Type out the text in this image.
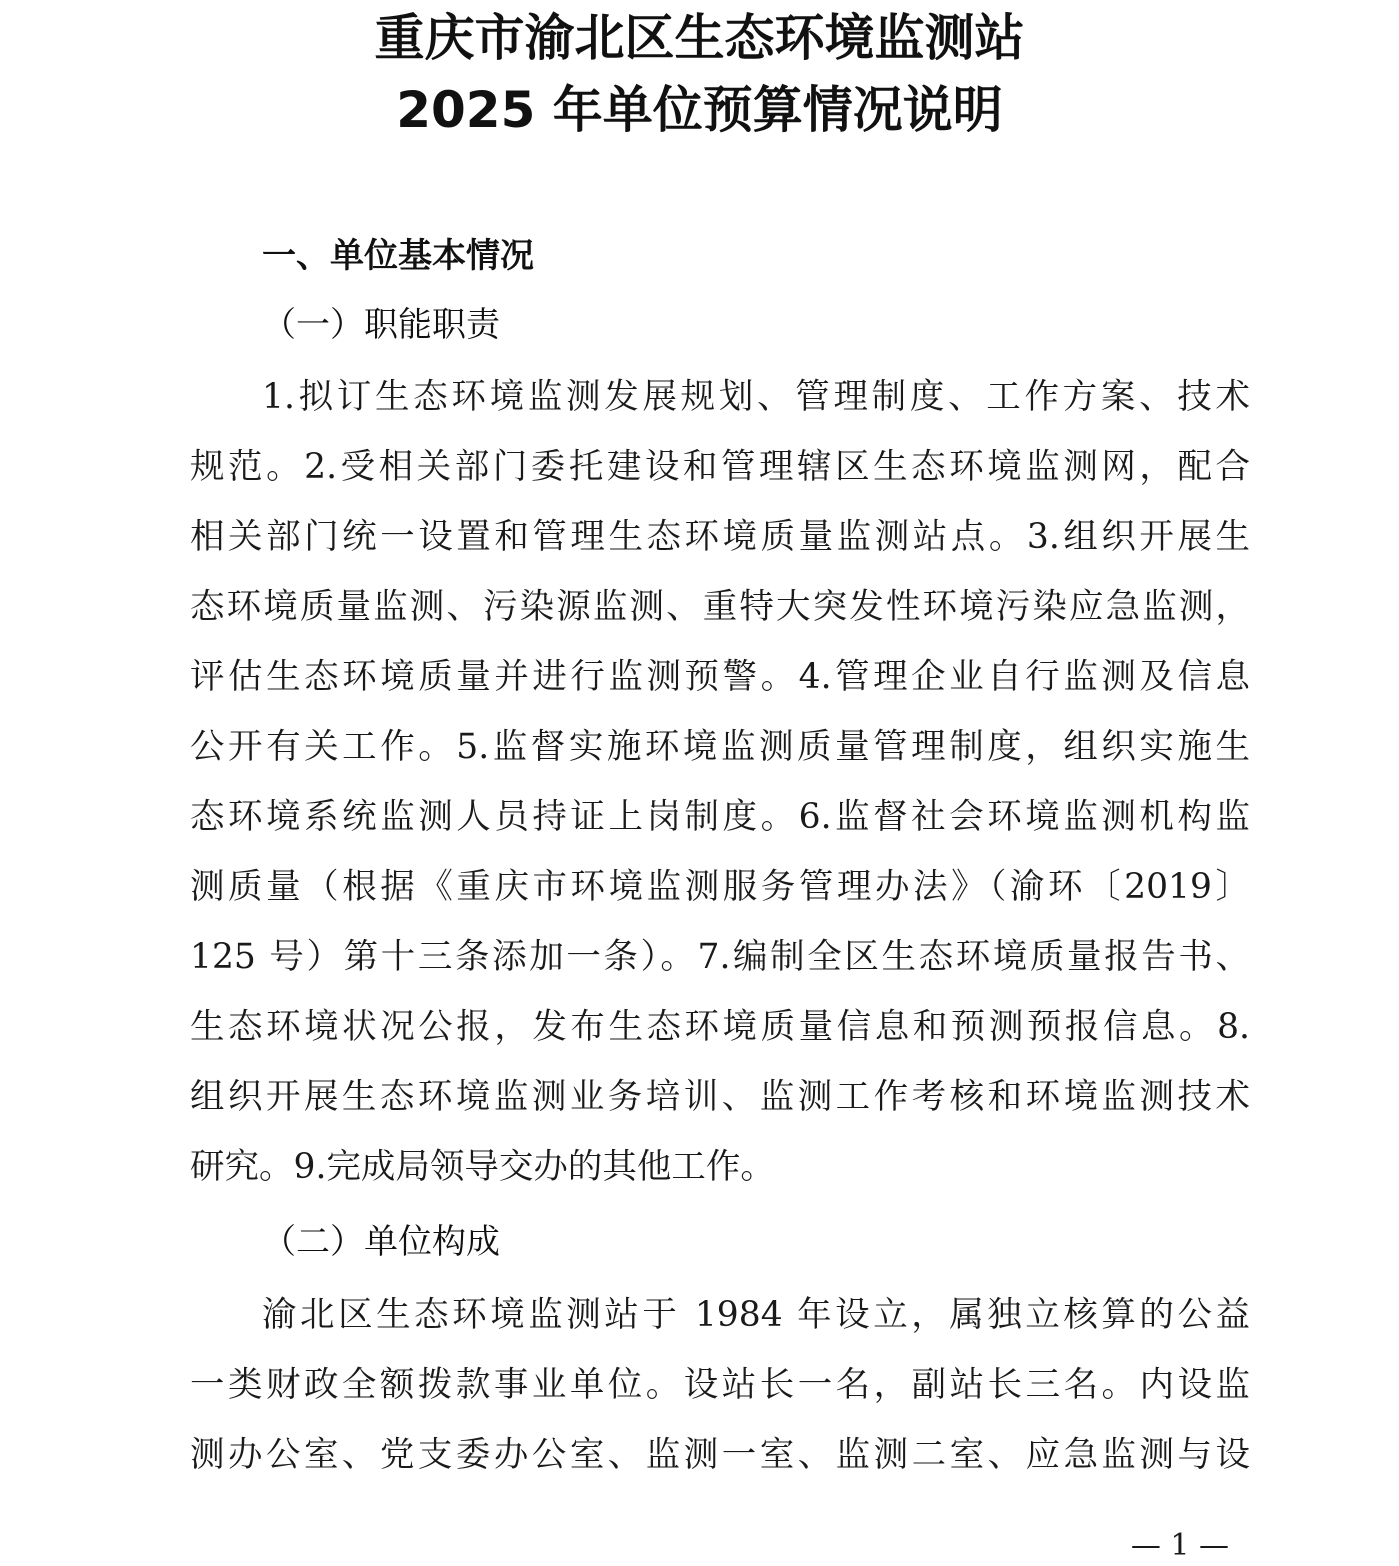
重庆市渝北区生态环境监测站
2025 年单位预算情况说明
一、单位基本情况
（一）职能职责
1.拟订生态环境监测发展规划、管理制度、工作方案、技术
规范。2.受相关部门委托建设和管理辖区生态环境监测网，配合
相关部门统一设置和管理生态环境质量监测站点。3.组织开展生
态环境质量监测、污染源监测、重特大突发性环境污染应急监测，
评估生态环境质量并进行监测预警。4.管理企业自行监测及信息
公开有关工作。5.监督实施环境监测质量管理制度，组织实施生
态环境系统监测人员持证上岗制度。6.监督社会环境监测机构监
测质量（根据《重庆市环境监测服务管理办法》（渝环〔2019〕
125 号）第十三条添加一条）。7.编制全区生态环境质量报告书、
生态环境状况公报，发布生态环境质量信息和预测预报信息。8.
组织开展生态环境监测业务培训、监测工作考核和环境监测技术
研究。9.完成局领导交办的其他工作。
（二）单位构成
渝北区生态环境监测站于 1984 年设立，属独立核算的公益
一类财政全额拨款事业单位。设站长一名，副站长三名。内设监
测办公室、党支委办公室、监测一室、监测二室、应急监测与设
— 1 —
